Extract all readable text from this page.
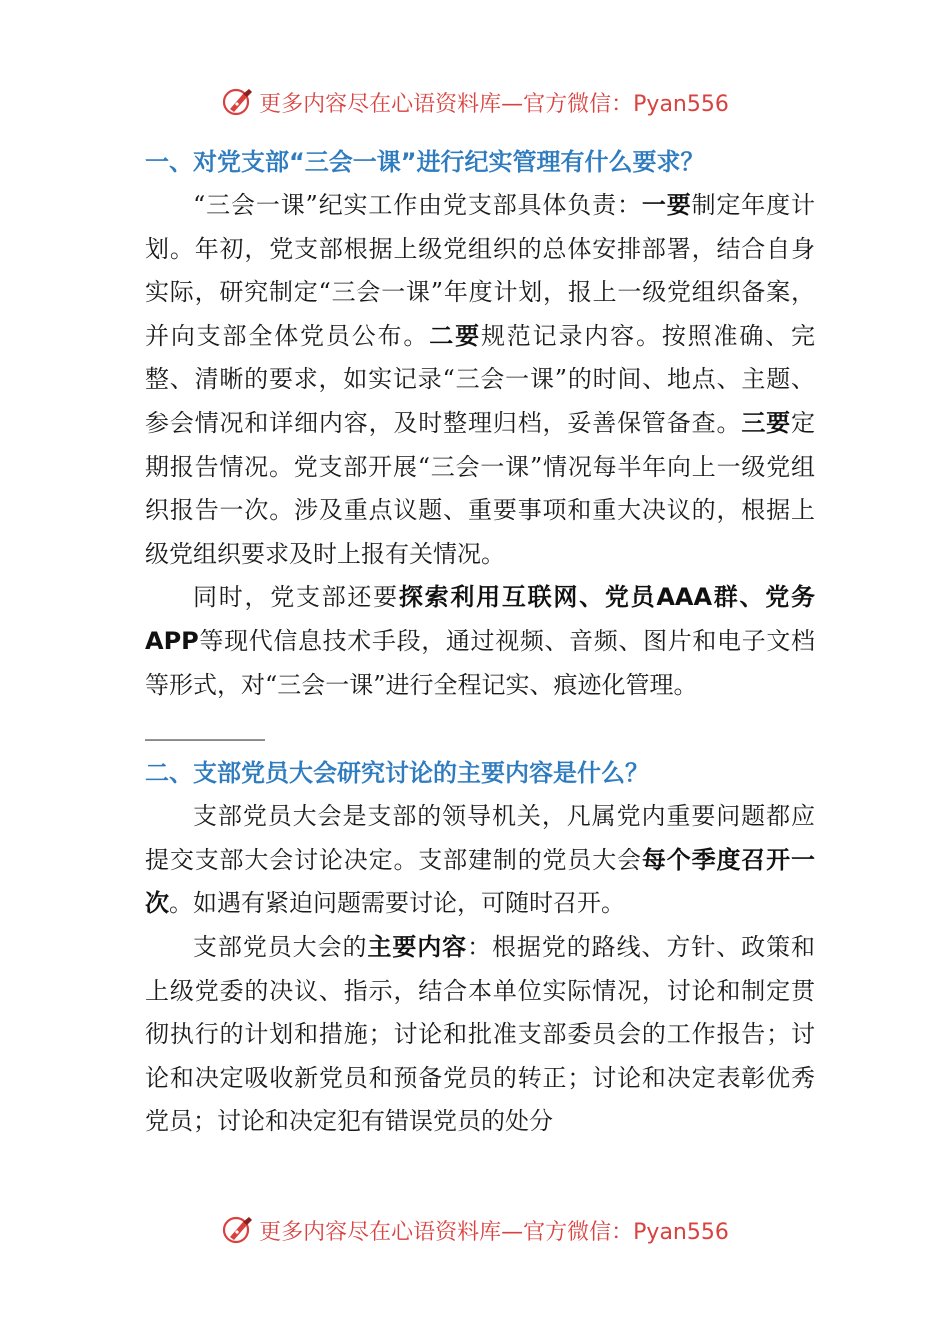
更多内容尽在心语资料库—官方微信：Pyan556
一、对党支部“三会一课”进行纪实管理有什么要求？

“三会一课”纪实工作由党支部具体负责：一要制定年度计划。年初，党支部根据上级党组织的总体安排部署，结合自身实际，研究制定“三会一课”年度计划，报上一级党组织备案，并向支部全体党员公布。二要规范记录内容。按照准确、完整、清晰的要求，如实记录“三会一课”的时间、地点、主题、参会情况和详细内容，及时整理归档，妥善保管备查。三要定期报告情况。党支部开展“三会一课”情况每半年向上一级党组织报告一次。涉及重点议题、重要事项和重大决议的，根据上级党组织要求及时上报有关情况。

同时，党支部还要探索利用互联网、党员AAA群、党务APP等现代信息技术手段，通过视频、音频、图片和电子文档等形式，对“三会一课”进行全程记实、痕迹化管理。

__________
二、支部党员大会研究讨论的主要内容是什么？

支部党员大会是支部的领导机关，凡属党内重要问题都应提交支部大会讨论决定。支部建制的党员大会每个季度召开一次。如遇有紧迫问题需要讨论，可随时召开。

支部党员大会的主要内容：根据党的路线、方针、政策和上级党委的决议、指示，结合本单位实际情况，讨论和制定贯彻执行的计划和措施；讨论和批准支部委员会的工作报告；讨论和决定吸收新党员和预备党员的转正；讨论和决定表彰优秀党员；讨论和决定犯有错误党员的处分

更多内容尽在心语资料库—官方微信：Pyan556
